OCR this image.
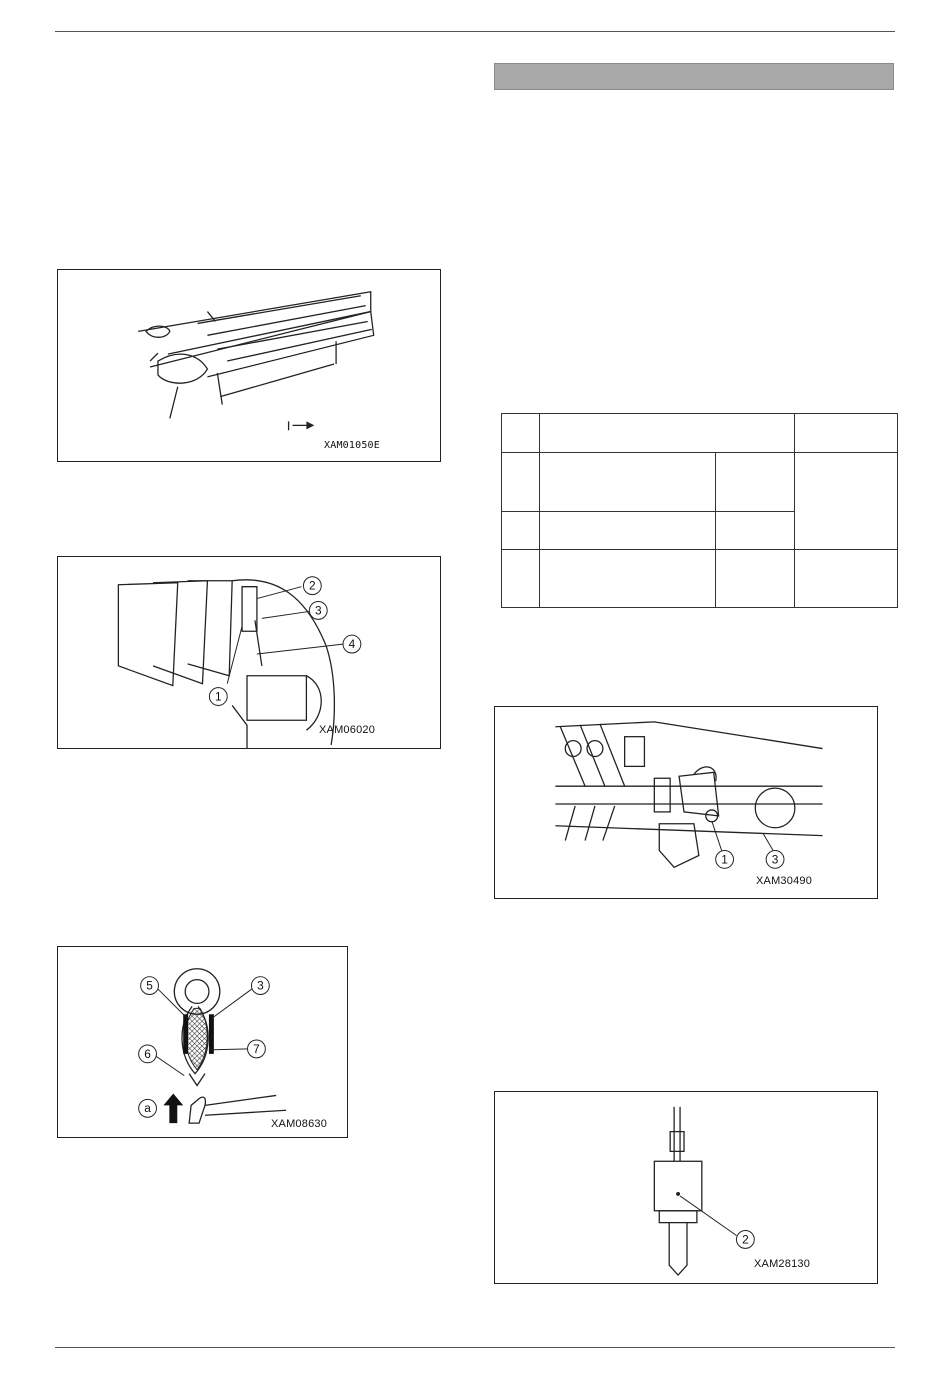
XAM01050E
2
3
4
1
XAM06020
5	3
7
6
a
XAM08630

1	3
XAM30490
2
XAM28130
